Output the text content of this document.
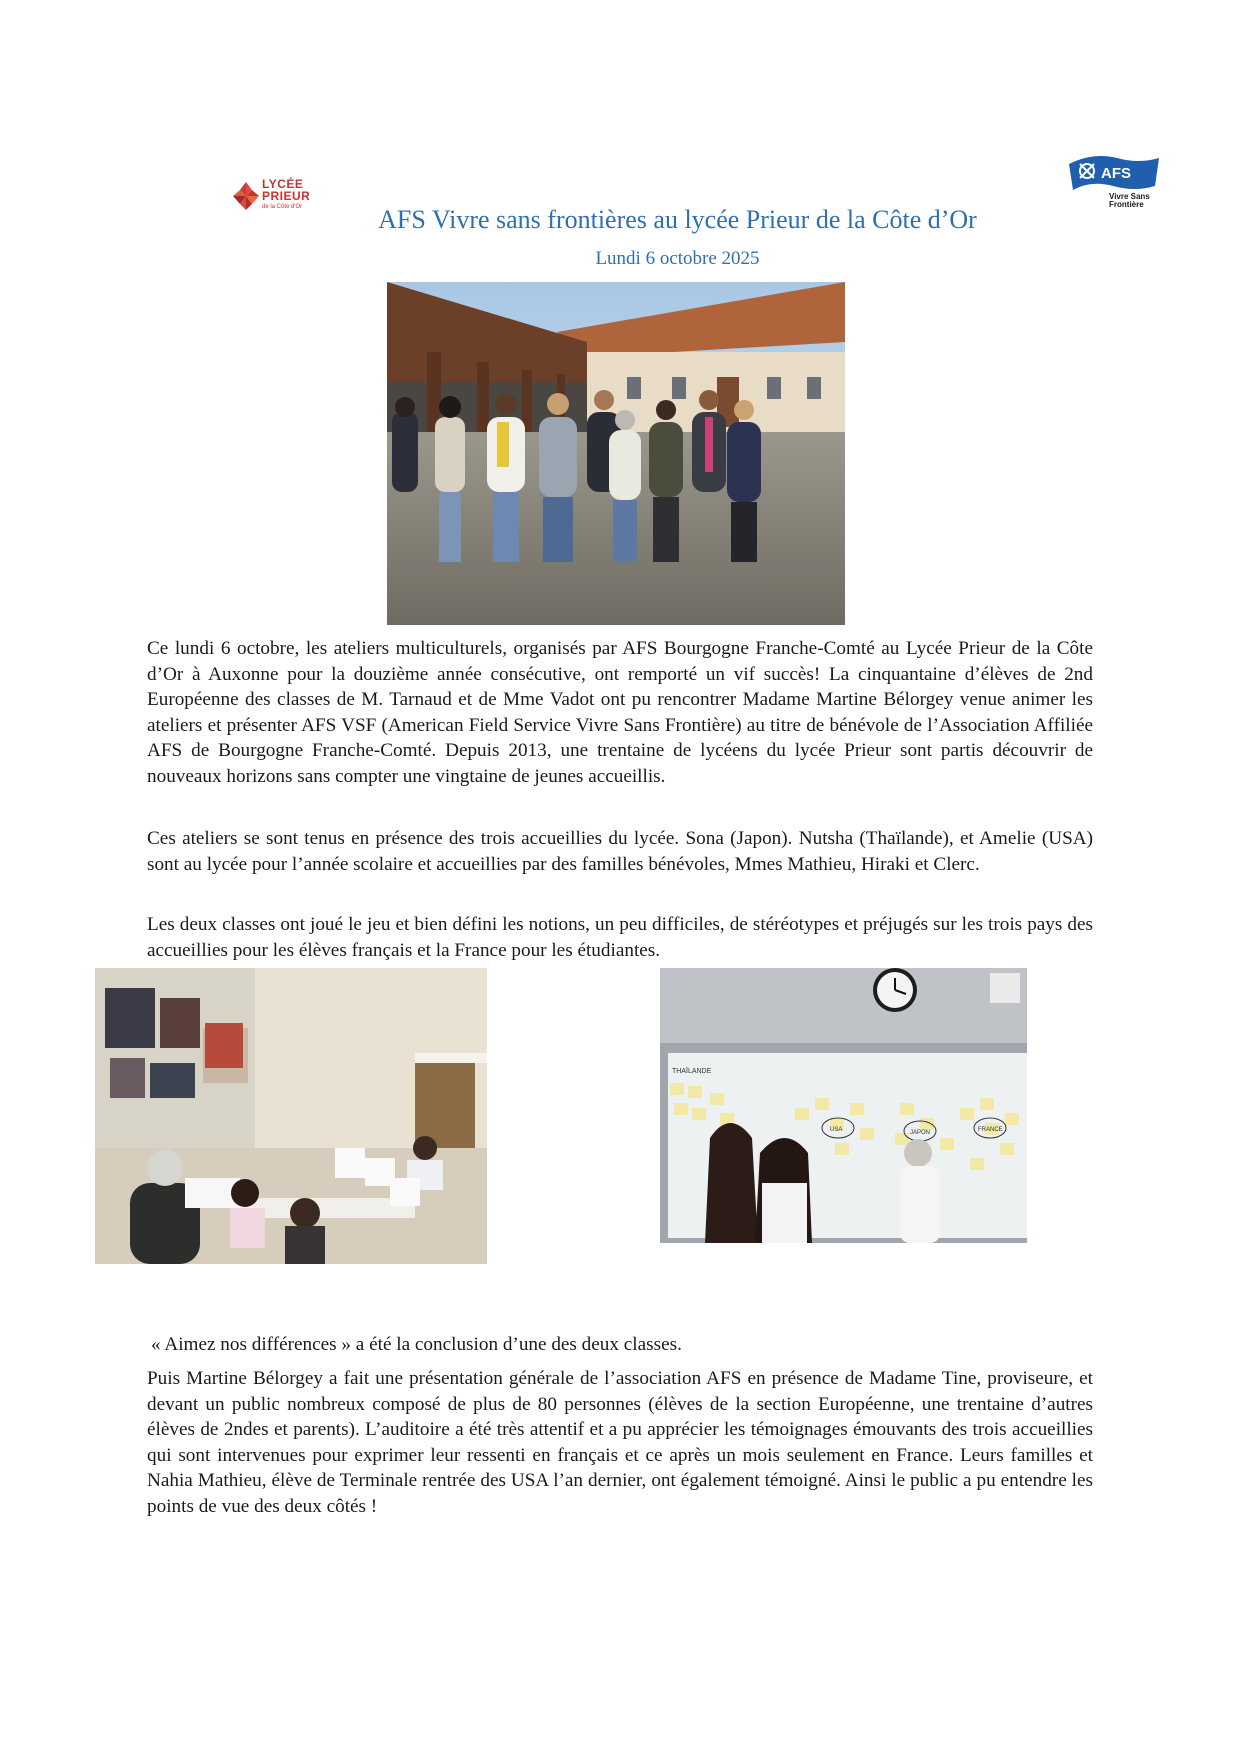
LYCÉE
PRIEUR
de la Côte d'Or
AFS
Vivre Sans
Frontière
AFS Vivre sans frontières au lycée Prieur de la Côte d’Or
Lundi 6 octobre 2025

Ce lundi 6 octobre, les ateliers multiculturels, organisés par AFS Bourgogne Franche-Comté au Lycée Prieur de la Côte d’Or à Auxonne pour la douzième année consécutive, ont remporté un vif succès! La cinquantaine d’élèves de 2nd Européenne des classes de M. Tarnaud et de Mme Vadot ont pu rencontrer Madame Martine Bélorgey venue animer les ateliers et présenter AFS VSF (American Field Service Vivre Sans Frontière) au titre de bénévole de l’Association Affiliée AFS de Bourgogne Franche-Comté. Depuis 2013, une trentaine de lycéens du lycée Prieur sont partis découvrir de nouveaux horizons sans compter une vingtaine de jeunes accueillis.

Ces ateliers se sont tenus en présence des trois accueillies du lycée. Sona (Japon). Nutsha (Thaïlande), et Amelie (USA) sont au lycée pour l’année scolaire et accueillies par des familles bénévoles, Mmes Mathieu, Hiraki et Clerc.

Les deux classes ont joué le jeu et bien défini les notions, un peu difficiles, de stéréotypes et préjugés sur les trois pays des accueillies pour les élèves français et la France pour les étudiantes.

THAÏLANDE
USA	JAPON	FRANCE

« Aimez nos différences » a été la conclusion d’une des deux classes.

Puis Martine Bélorgey a fait une présentation générale de l’association AFS en présence de Madame Tine, proviseure, et devant un public nombreux composé de plus de 80 personnes (élèves de la section Européenne, une trentaine d’autres élèves de 2ndes et parents). L’auditoire a été très attentif et a pu apprécier les témoignages émouvants des trois accueillies qui sont intervenues pour exprimer leur ressenti en français et ce après un mois seulement en France. Leurs familles et Nahia Mathieu, élève de Terminale rentrée des USA l’an dernier, ont également témoigné. Ainsi le public a pu entendre les points de vue des deux côtés !
